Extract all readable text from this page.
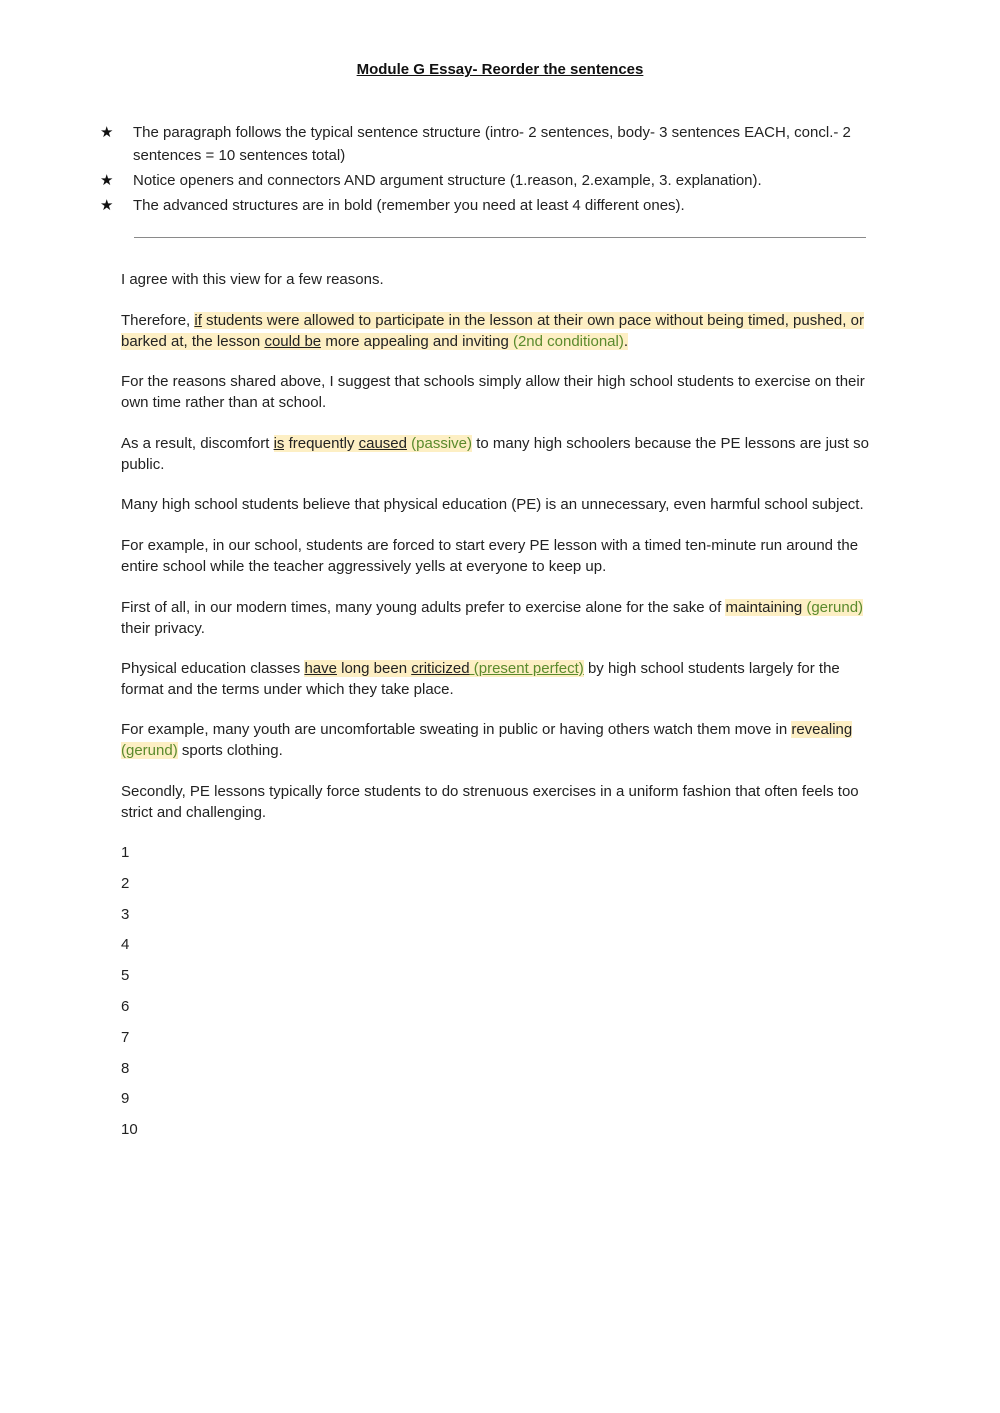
Module G Essay- Reorder the sentences
★ The paragraph follows the typical sentence structure (intro- 2 sentences, body- 3 sentences EACH, concl.- 2 sentences = 10 sentences total)
★ Notice openers and connectors AND argument structure (1.reason, 2.example, 3. explanation).
★ The advanced structures are in bold (remember you need at least 4 different ones).

I agree with this view for a few reasons.

Therefore, if students were allowed to participate in the lesson at their own pace without being timed, pushed, or barked at, the lesson could be more appealing and inviting (2nd conditional).

For the reasons shared above, I suggest that schools simply allow their high school students to exercise on their own time rather than at school.

As a result, discomfort is frequently caused (passive) to many high schoolers because the PE lessons are just so public.

Many high school students believe that physical education (PE) is an unnecessary, even harmful school subject.

For example, in our school, students are forced to start every PE lesson with a timed ten-minute run around the entire school while the teacher aggressively yells at everyone to keep up.

First of all, in our modern times, many young adults prefer to exercise alone for the sake of maintaining (gerund) their privacy.

Physical education classes have long been criticized (present perfect) by high school students largely for the format and the terms under which they take place.

For example, many youth are uncomfortable sweating in public or having others watch them move in revealing (gerund) sports clothing.

Secondly, PE lessons typically force students to do strenuous exercises in a uniform fashion that often feels too strict and challenging.

1
2
3
4
5
6
7
8
9
10
